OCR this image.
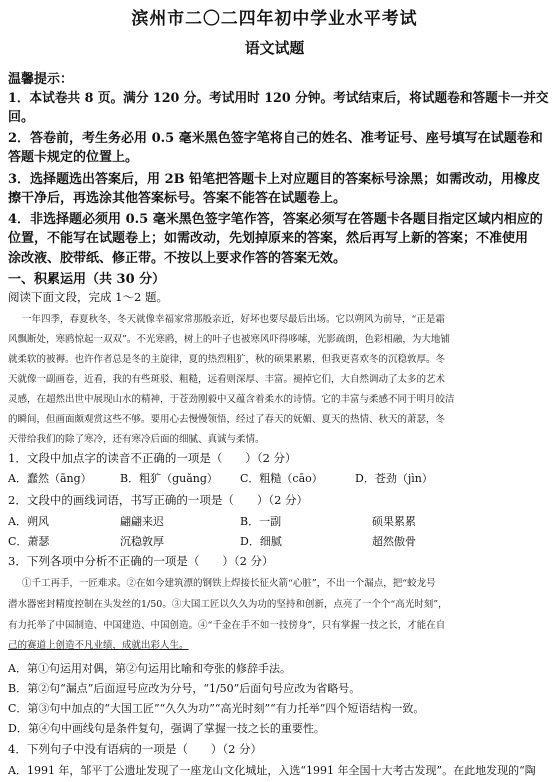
滨州市二〇二四年初中学业水平考试
语文试题
温馨提示：
1．本试卷共 8 页。满分 120 分。考试用时 120 分钟。考试结束后，将试题卷和答题卡一并交
回。
2．答卷前，考生务必用 0.5 毫米黑色签字笔将自己的姓名、准考证号、座号填写在试题卷和
答题卡规定的位置上。
3．选择题选出答案后，用 2B 铅笔把答题卡上对应题目的答案标号涂黑；如需改动，用橡皮
擦干净后，再选涂其他答案标号。答案不能答在试题卷上。
4．非选择题必须用 0.5 毫米黑色签字笔作答，答案必须写在答题卡各题目指定区域内相应的
位置，不能写在试题卷上；如需改动，先划掉原来的答案，然后再写上新的答案；不准使用
涂改液、胶带纸、修正带。不按以上要求作答的答案无效。
一、积累运用（共 30 分）
阅读下面文段，完成 1～2 题。
一年四季，春夏秋冬，冬天就像幸福家常那般亲近，好坏也要尽最后出场。它以朔风为前导，“正是霜
风飘断处，寒鸥惊起一双双”。不光寒鸥，树上的叶子也被寒风吓得哆嗦，光影疏朗，色彩相融，为大地铺
就柔软的被褥。也许作者总是冬的主旋律，夏的热烈粗犷，秋的硕果累累，但我更喜欢冬的沉稳敦厚。冬
天就像一副画卷，近看，我的有些斑驳、粗糙，远看则深厚、丰富。褪掉它们，大自然调动了太多的艺术
灵感，在超然出世中展现山水的精神，于苍劲刚毅中又蕴含着柔水的诗情。它的丰富与柔感不同于明月皎洁
的瞬间，但画面颇观赏这些不够。要用心去慢慢领悟，经过了春天的妩媚、夏天的热情、秋天的萧瑟，冬
天带给我们的除了寒冷，还有寒冷后面的细腻、真诚与柔情。
1．文段中加点字的读音不正确的一项是（　　）（2 分）
A．蠢然（āng）	B．粗犷（guǎng） C．粗糙（cāo）	D．苍劲（jìn）
2．文段中的画线词语，书写正确的一项是（　　）（2 分）
A．朔风	翩翩来迟	B．一副	硕果累累
C．萧瑟	沉稳敦厚	D．细腻	超然傲骨
3．下列各项中分析不正确的一项是（　　）（2 分）
①千工再手，一匠难求。②在如今建筑漂的钢铁上焊接长征火箭“心脏”，不出一个漏点，把“蛟龙号
潜水器密封精度控制在头发丝的1/50。③大国工匠以久久为功的坚持和创新，点亮了一个个“高光时刻”，
有力托举了中国制造、中国建造、中国创造。④“千金在手不如一技傍身”，只有掌握一技之长，才能在自
己的赛道上创造不凡业绩，成就出彩人生。
A．第①句运用对偶，第②句运用比喻和夸张的修辞手法。
B．第②句“漏点”后面逗号应改为分号，“1/50”后面句号应改为省略号。
C．第③句中加点的“大国工匠”“久久为功”“高光时刻”“有力托举”四个短语结构一致。
D．第④句中画线句是条件复句，强调了掌握一技之长的重要性。
4．下列句子中没有语病的一项是（　　）（2 分）
A．1991 年，邹平丁公遗址发现了一座龙山文化城址，入选“1991 年全国十大考古发现”。在此地发现的“陶
